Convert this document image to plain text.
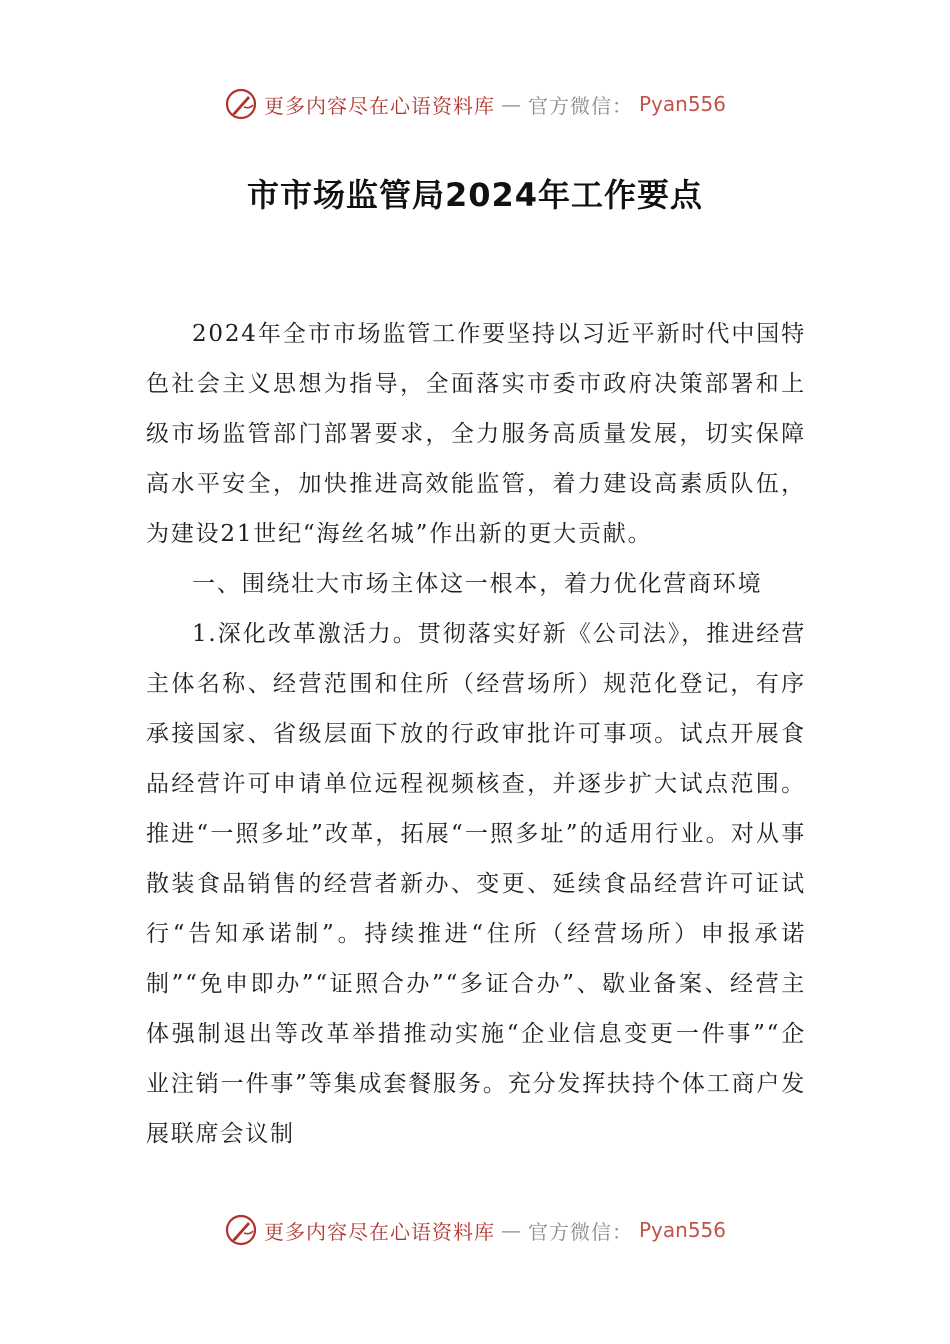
更多内容尽在心语资料库 — 官方微信： Pyan556
市市场监管局2024年工作要点

2024年全市市场监管工作要坚持以习近平新时代中国特色社会主义思想为指导，全面落实市委市政府决策部署和上级市场监管部门部署要求，全力服务高质量发展，切实保障高水平安全，加快推进高效能监管，着力建设高素质队伍，为建设21世纪“海丝名城”作出新的更大贡献。

一、围绕壮大市场主体这一根本，着力优化营商环境

1.深化改革激活力。贯彻落实好新《公司法》，推进经营主体名称、经营范围和住所（经营场所）规范化登记，有序承接国家、省级层面下放的行政审批许可事项。试点开展食品经营许可申请单位远程视频核查，并逐步扩大试点范围。推进“一照多址”改革，拓展“一照多址”的适用行业。对从事散装食品销售的经营者新办、变更、延续食品经营许可证试行“告知承诺制”。持续推进“住所（经营场所）申报承诺制”“免申即办”“证照合办”“多证合办”、歇业备案、经营主体强制退出等改革举措推动实施“企业信息变更一件事”“企业注销一件事”等集成套餐服务。充分发挥扶持个体工商户发展联席会议制

更多内容尽在心语资料库 — 官方微信： Pyan556
